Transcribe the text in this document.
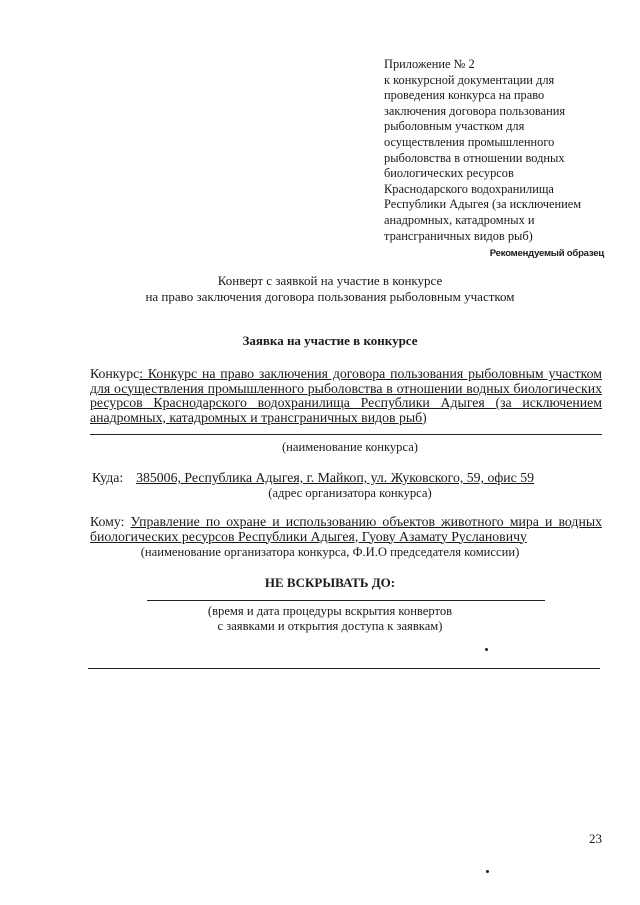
Приложение № 2
к конкурсной документации для
проведения конкурса на право
заключения договора пользования
рыболовным участком для
осуществления промышленного
рыболовства в отношении водных
биологических ресурсов
Краснодарского водохранилища
Республики Адыгея (за исключением
анадромных, катадромных и
трансграничных видов рыб)
Рекомендуемый образец
Конверт с заявкой на участие в конкурсе
на право заключения договора пользования рыболовным участком
Заявка на участие в конкурсе
Конкурс: Конкурс на право заключения договора пользования рыболовным участком для осуществления промышленного рыболовства в отношении водных биологических ресурсов Краснодарского водохранилища Республики Адыгея (за исключением анадромных, катадромных и трансграничных видов рыб)
(наименование конкурса)
Куда: 385006, Республика Адыгея, г. Майкоп, ул. Жуковского, 59, офис 59
(адрес организатора конкурса)
Кому: Управление по охране и использованию объектов животного мира и водных биологических ресурсов Республики Адыгея, Гуову Азамату Руслановичу
(наименование организатора конкурса, Ф.И.О председателя комиссии)
НЕ ВСКРЫВАТЬ ДО:
(время и дата процедуры вскрытия конвертов
с заявками и открытия доступа к заявкам)
23
